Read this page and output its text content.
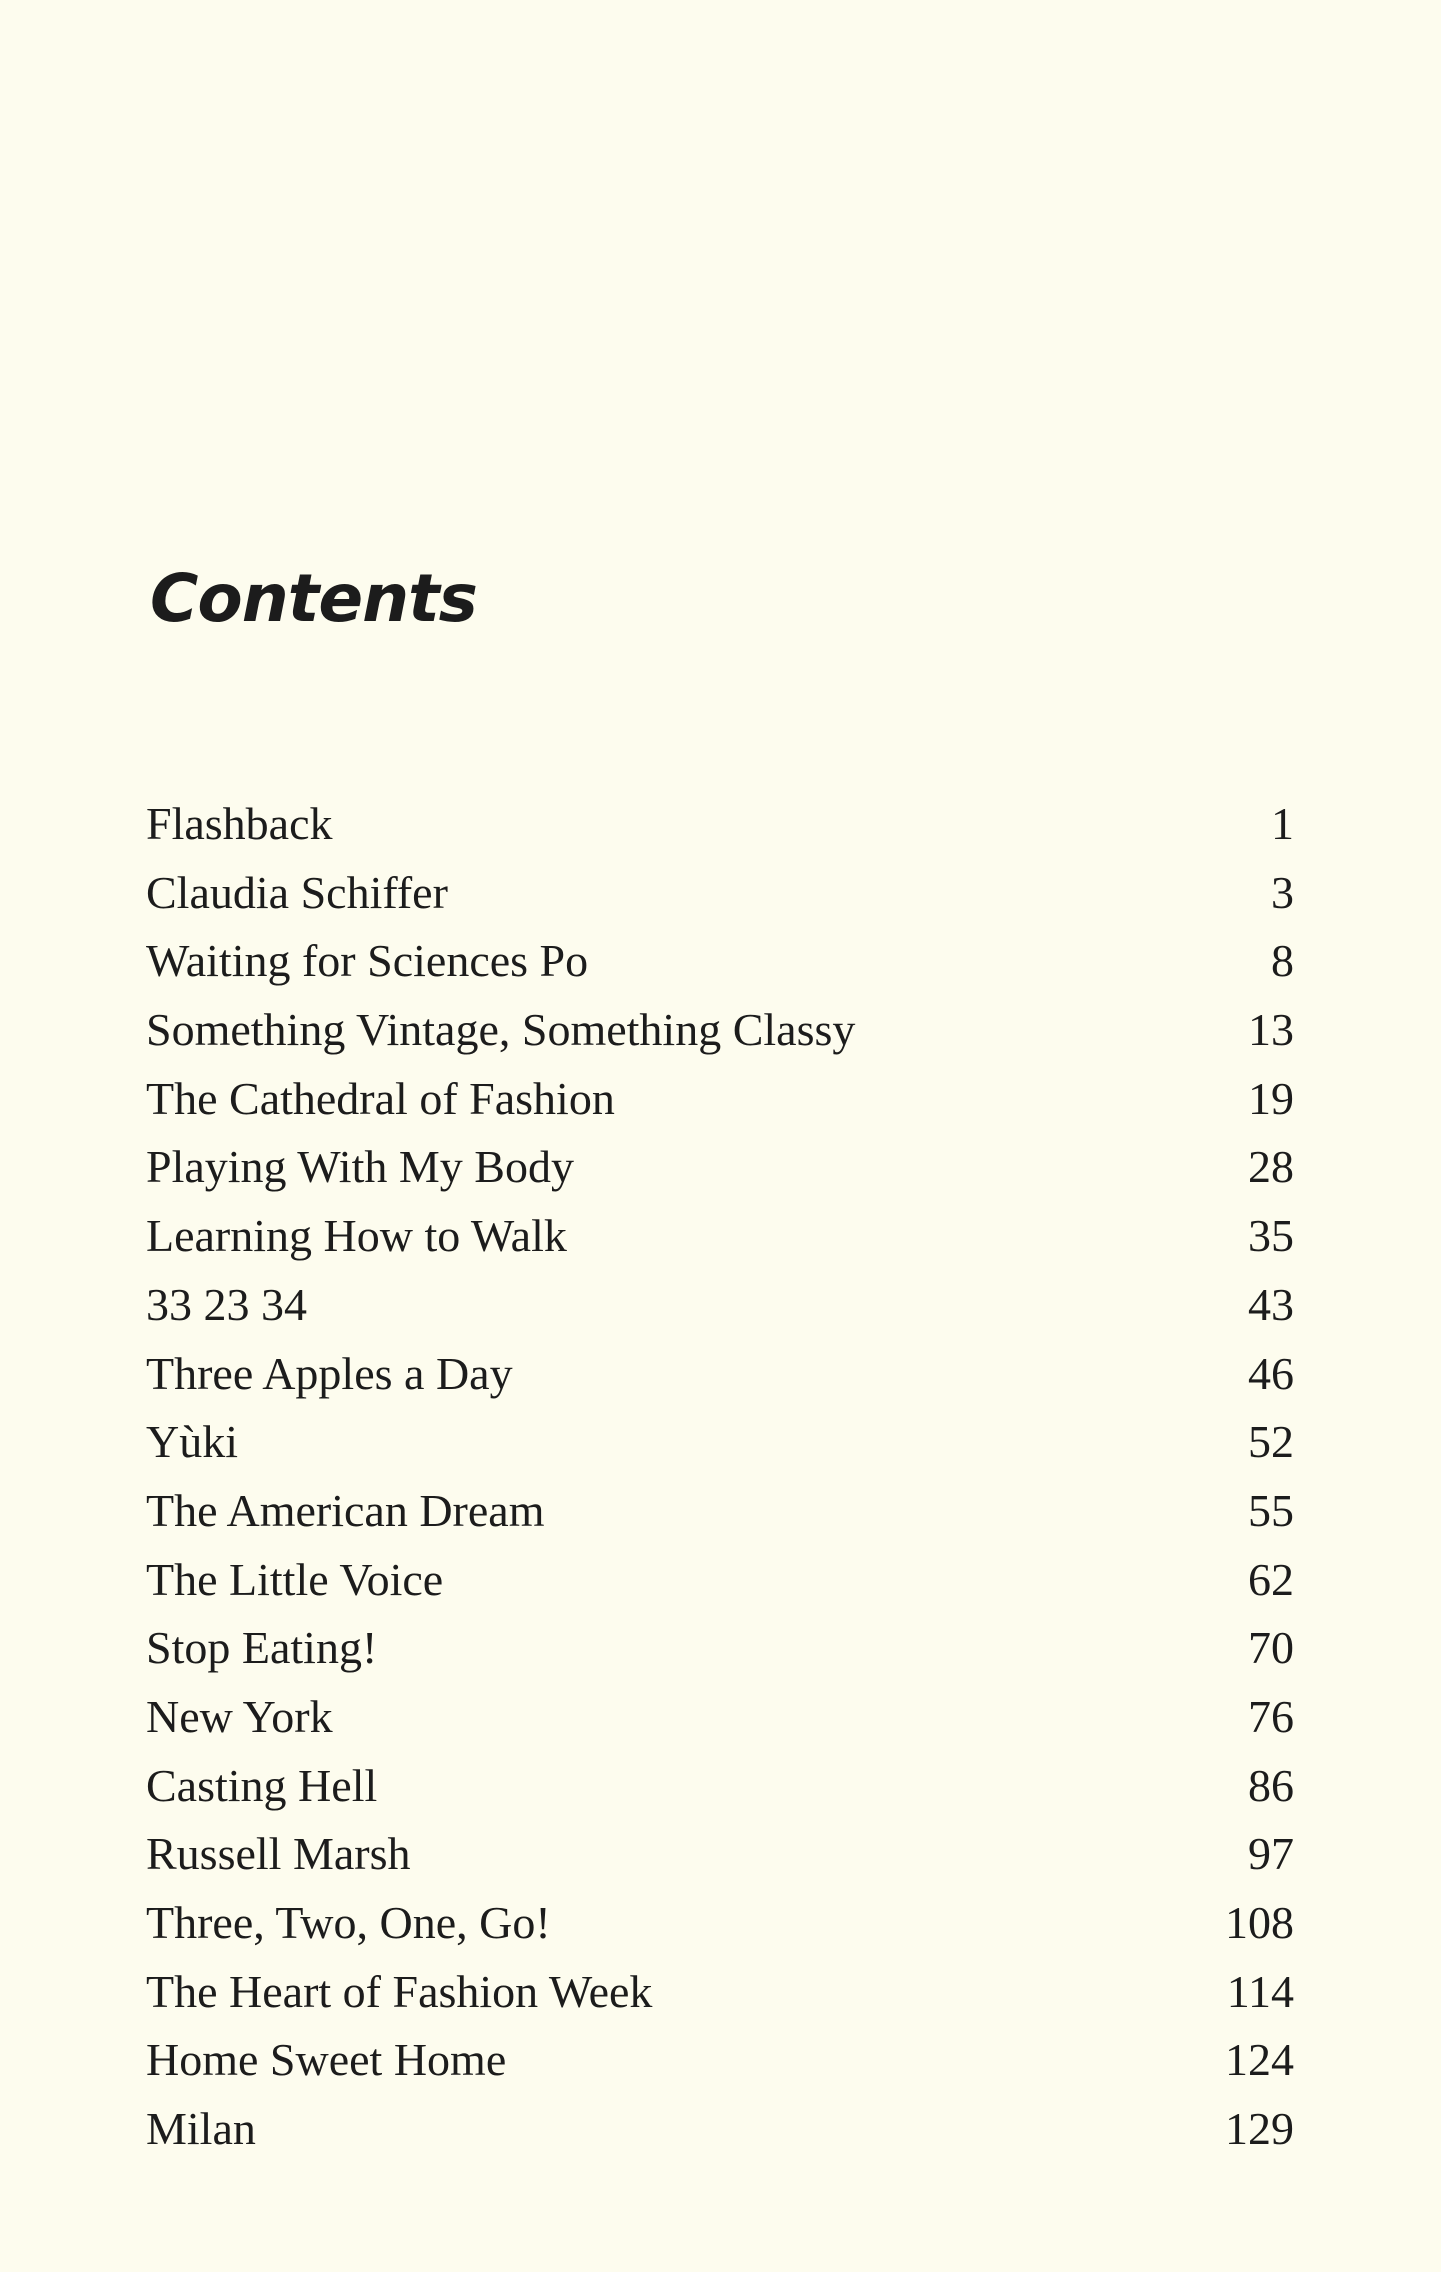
Contents
Flashback	1
Claudia Schiffer	3
Waiting for Sciences Po	8
Something Vintage, Something Classy	13
The Cathedral of Fashion	19
Playing With My Body	28
Learning How to Walk	35
33 23 34	43
Three Apples a Day	46
Yùki	52
The American Dream	55
The Little Voice	62
Stop Eating!	70
New York	76
Casting Hell	86
Russell Marsh	97
Three, Two, One, Go!	108
The Heart of Fashion Week	114
Home Sweet Home	124
Milan	129
